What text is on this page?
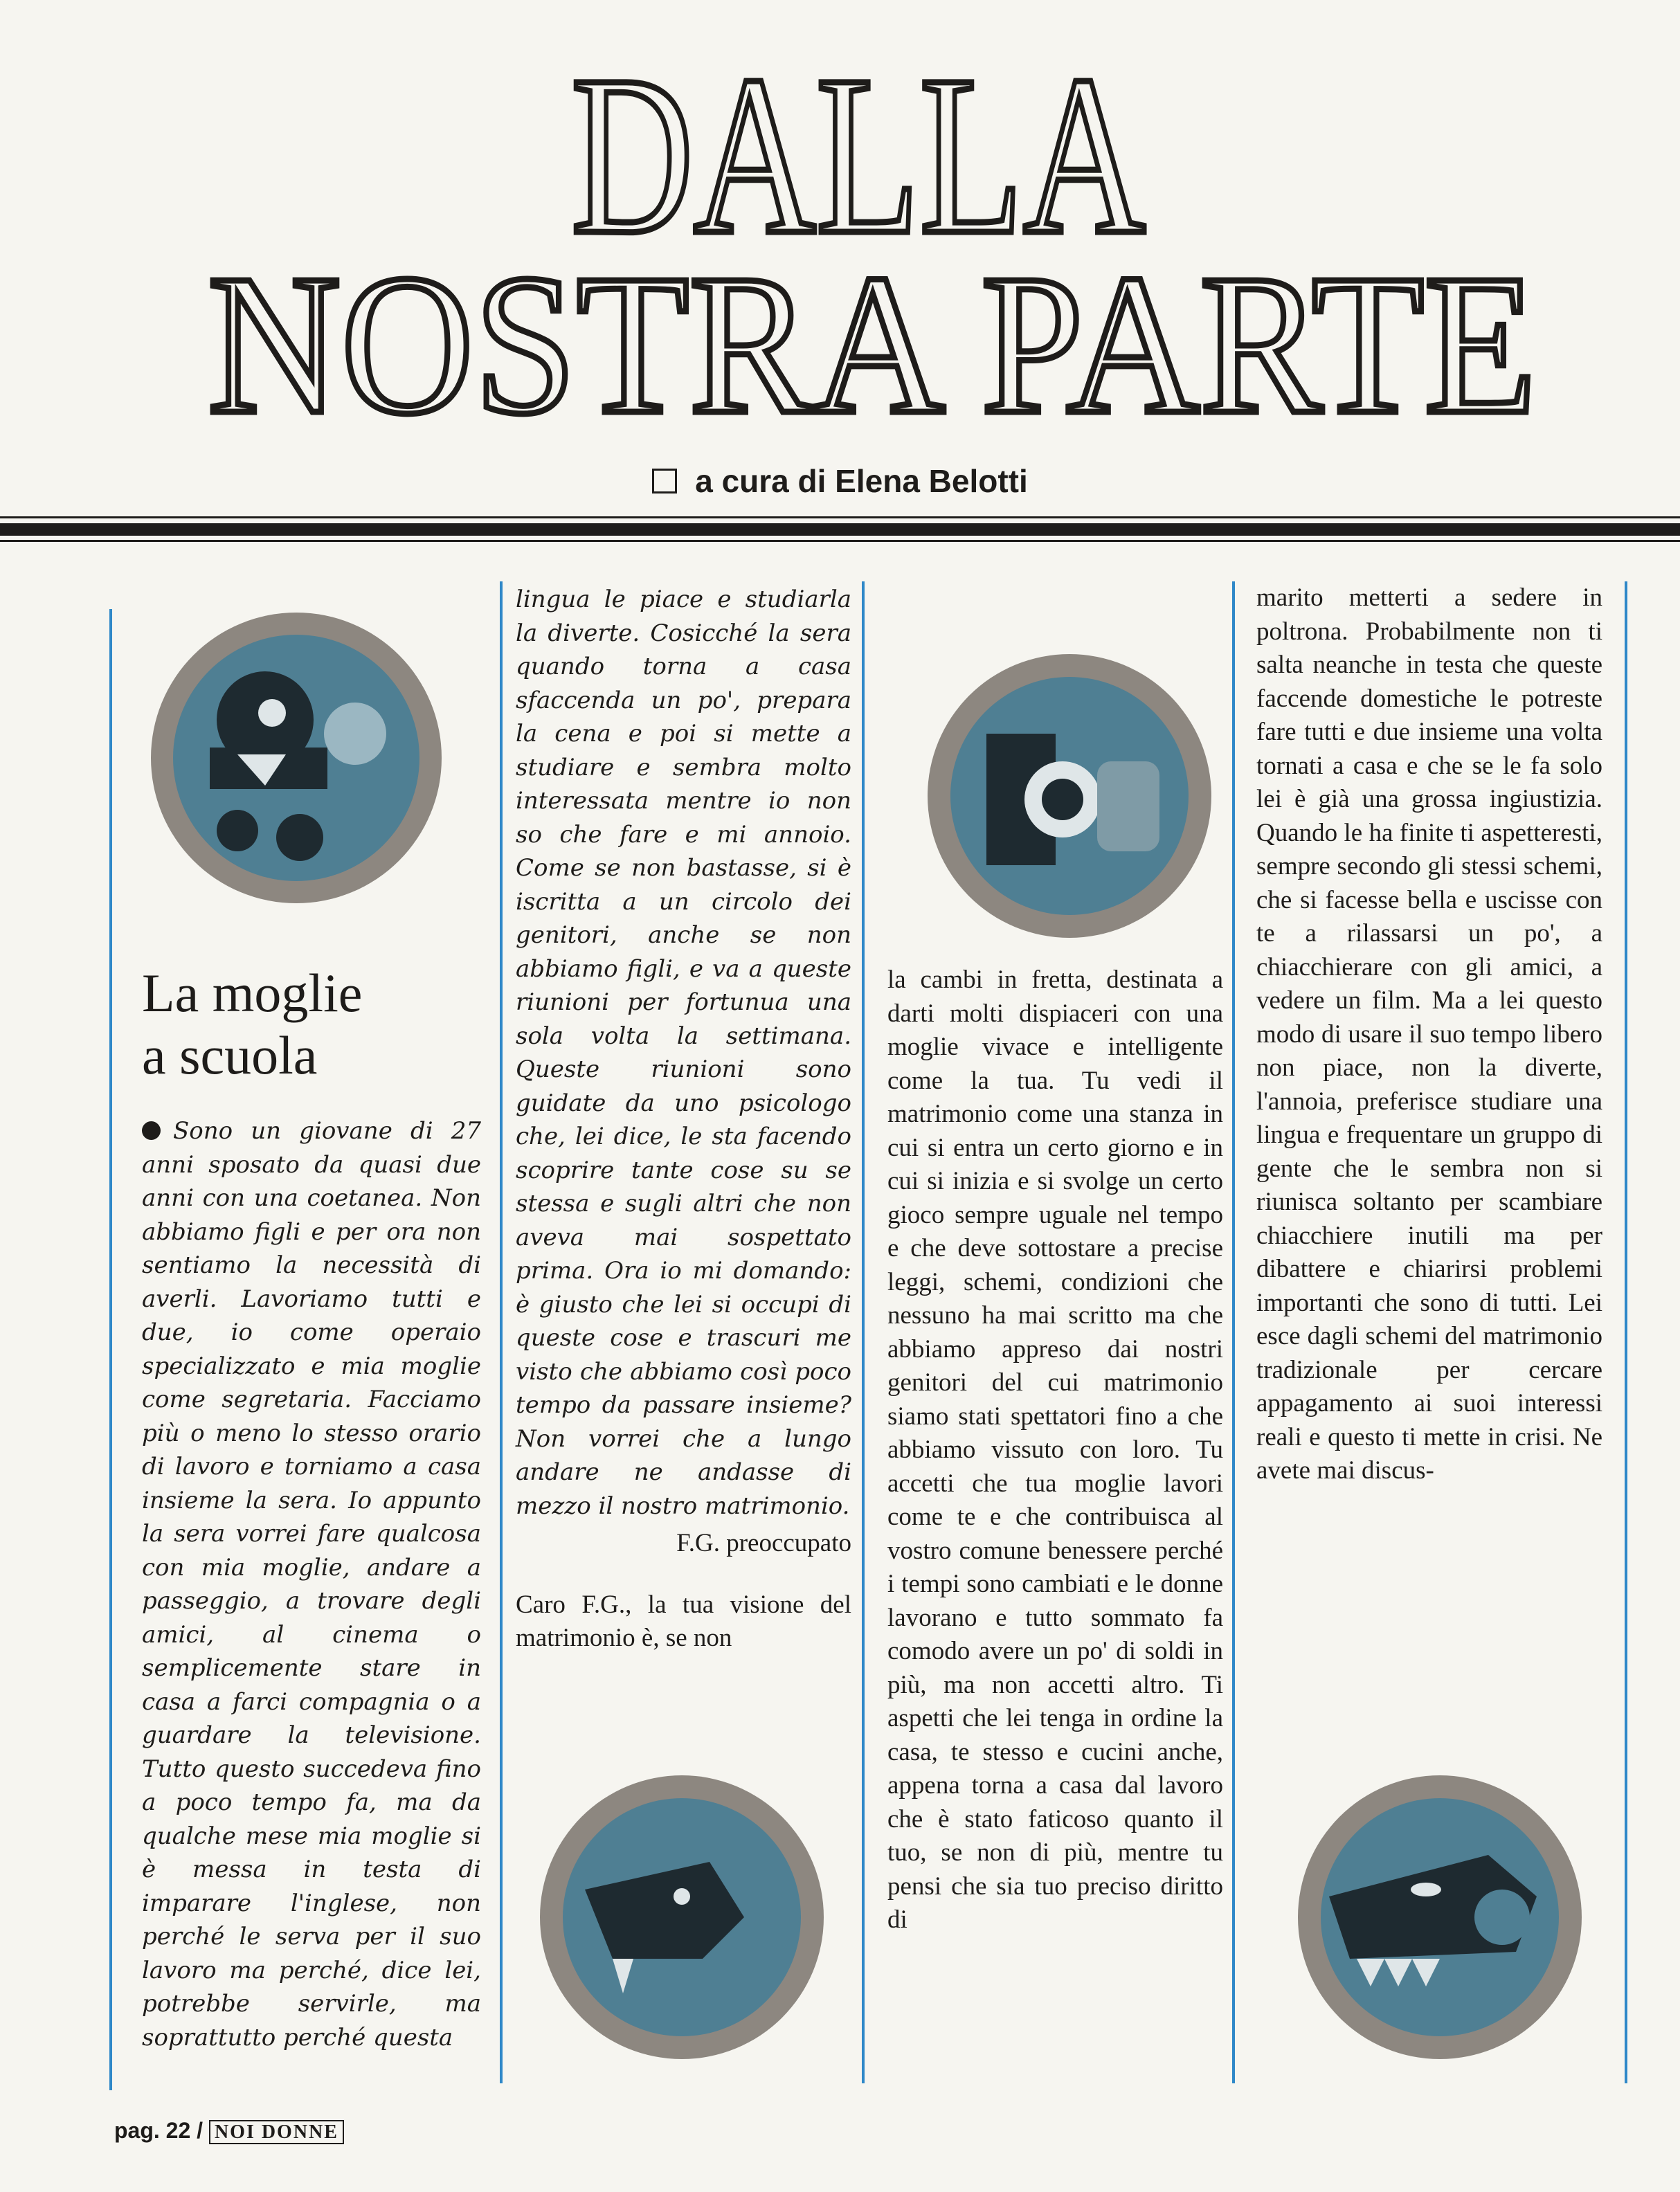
DALLA
NOSTRA PARTE
a cura di Elena Belotti
La moglie
a scuola

Sono un giovane di 27 anni sposato da quasi due anni con una coetanea. Non abbiamo figli e per ora non sentiamo la necessità di averli. Lavoriamo tutti e due, io come operaio specializzato e mia moglie come segretaria. Facciamo più o meno lo stesso orario di lavoro e torniamo a casa insieme la sera. Io appunto la sera vorrei fare qualcosa con mia moglie, andare a passeggio, a trovare degli amici, al cinema o semplicemente stare in casa a farci compagnia o a guardare la televisione. Tutto questo succedeva fino a poco tempo fa, ma da qualche mese mia moglie si è messa in testa di imparare l'inglese, non perché le serva per il suo lavoro ma perché, dice lei, potrebbe servirle, ma soprattutto perché questa

lingua le piace e studiarla la diverte. Cosicché la sera quando torna a casa sfaccenda un po', prepara la cena e poi si mette a studiare e sembra molto interessata mentre io non so che fare e mi annoio. Come se non bastasse, si è iscritta a un circolo dei genitori, anche se non abbiamo figli, e va a queste riunioni per fortunua una sola volta la settimana. Queste riunioni sono guidate da uno psicologo che, lei dice, le sta facendo scoprire tante cose su se stessa e sugli altri che non aveva mai sospettato prima. Ora io mi domando: è giusto che lei si occupi di queste cose e trascuri me visto che abbiamo così poco tempo da passare insieme? Non vorrei che a lungo andare ne andasse di mezzo il nostro matrimonio.

F.G. preoccupato

Caro F.G., la tua visione del matrimonio è, se non

la cambi in fretta, destinata a darti molti dispiaceri con una moglie vivace e intelligente come la tua. Tu vedi il matrimonio come una stanza in cui si entra un certo giorno e in cui si inizia e si svolge un certo gioco sempre uguale nel tempo e che deve sottostare a precise leggi, schemi, condizioni che nessuno ha mai scritto ma che abbiamo appreso dai nostri genitori del cui matrimonio siamo stati spettatori fino a che abbiamo vissuto con loro. Tu accetti che tua moglie lavori come te e che contribuisca al vostro comune benessere perché i tempi sono cambiati e le donne lavorano e tutto sommato fa comodo avere un po' di soldi in più, ma non accetti altro. Ti aspetti che lei tenga in ordine la casa, te stesso e cucini anche, appena torna a casa dal lavoro che è stato faticoso quanto il tuo, se non di più, mentre tu pensi che sia tuo preciso diritto di

marito metterti a sedere in poltrona. Probabilmente non ti salta neanche in testa che queste faccende domestiche le potreste fare tutti e due insieme una volta tornati a casa e che se le fa solo lei è già una grossa ingiustizia. Quando le ha finite ti aspetteresti, sempre secondo gli stessi schemi, che si facesse bella e uscisse con te a rilassarsi un po', a chiacchierare con gli amici, a vedere un film. Ma a lei questo modo di usare il suo tempo libero non piace, non la diverte, l'annoia, preferisce studiare una lingua e frequentare un gruppo di gente che le sembra non si riunisca soltanto per scambiare chiacchiere inutili ma per dibattere e chiarirsi problemi importanti che sono di tutti. Lei esce dagli schemi del matrimonio tradizionale per cercare appagamento ai suoi interessi reali e questo ti mette in crisi. Ne avete mai discus-

pag. 22 / NOI DONNE
